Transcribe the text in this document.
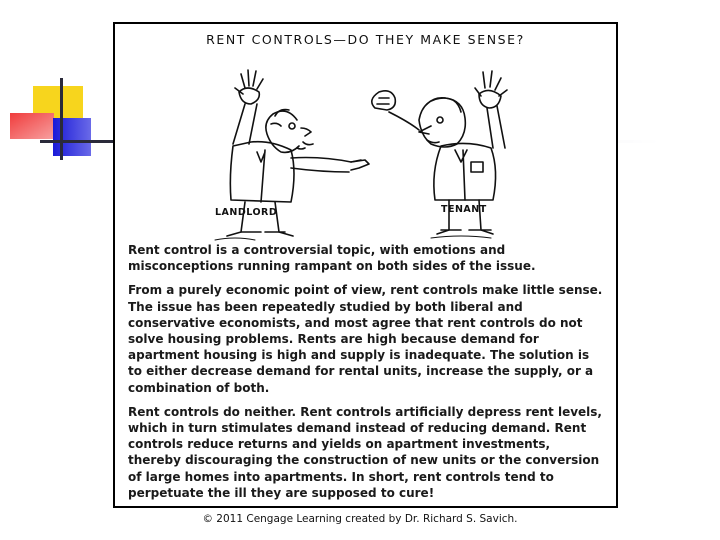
RENT CONTROLS—DO THEY MAKE SENSE?
LANDLORD	TENANT

Rent control is a controversial topic, with emotions and misconceptions running rampant on both sides of the issue.

From a purely economic point of view, rent controls make little sense. The issue has been repeatedly studied by both liberal and conservative economists, and most agree that rent controls do not solve housing problems. Rents are high because demand for apartment housing is high and supply is inadequate. The solution is to either decrease demand for rental units, increase the supply, or a combination of both.

Rent controls do neither. Rent controls artificially depress rent levels, which in turn stimulates demand instead of reducing demand. Rent controls reduce returns and yields on apartment investments, thereby discouraging the construction of new units or the conversion of large homes into apartments. In short, rent controls tend to perpetuate the ill they are supposed to cure!

© 2011 Cengage Learning created by Dr. Richard S. Savich.
